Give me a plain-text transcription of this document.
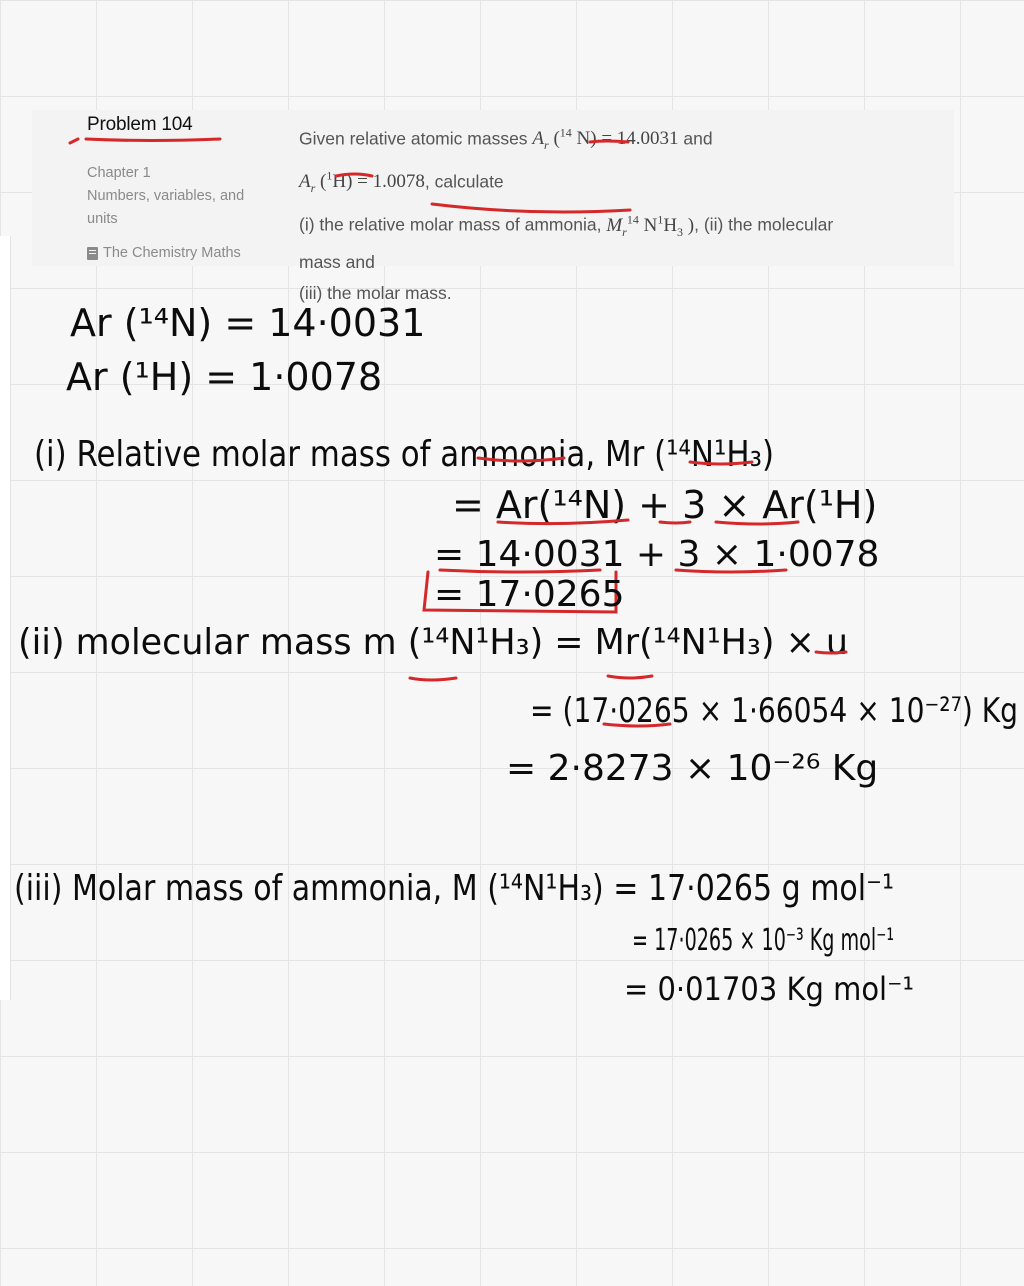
Problem 104
Chapter 1
Numbers, variables, and
units
The Chemistry Maths
Given relative atomic masses $A_r$ ($^{14}$ N) = 14.0031 and
$A_r$ ($^1$H) = 1.0078, calculate
(i) the relative molar mass of ammonia, $M_r^{14}$ $N^1H_3$ ), (ii) the molecular
mass and
(iii) the molar mass.
Ar (¹⁴N) = 14·0031
Ar (¹H) = 1·0078
(i) Relative molar mass of ammonia, Mr (¹⁴N¹H₃)
= Ar(¹⁴N) + 3 × Ar(¹H)
= 14·0031 + 3 × 1·0078
= 17·0265
(ii) molecular mass m (¹⁴N¹H₃) = Mr(¹⁴N¹H₃) × u
= (17·0265 × 1·66054 × 10⁻²⁷) Kg
= 2·8273 × 10⁻²⁶ Kg
(iii) Molar mass of ammonia, M (¹⁴N¹H₃) = 17·0265 g mol⁻¹
= 17·0265 × 10⁻³ Kg mol⁻¹
= 0·01703 Kg mol⁻¹
